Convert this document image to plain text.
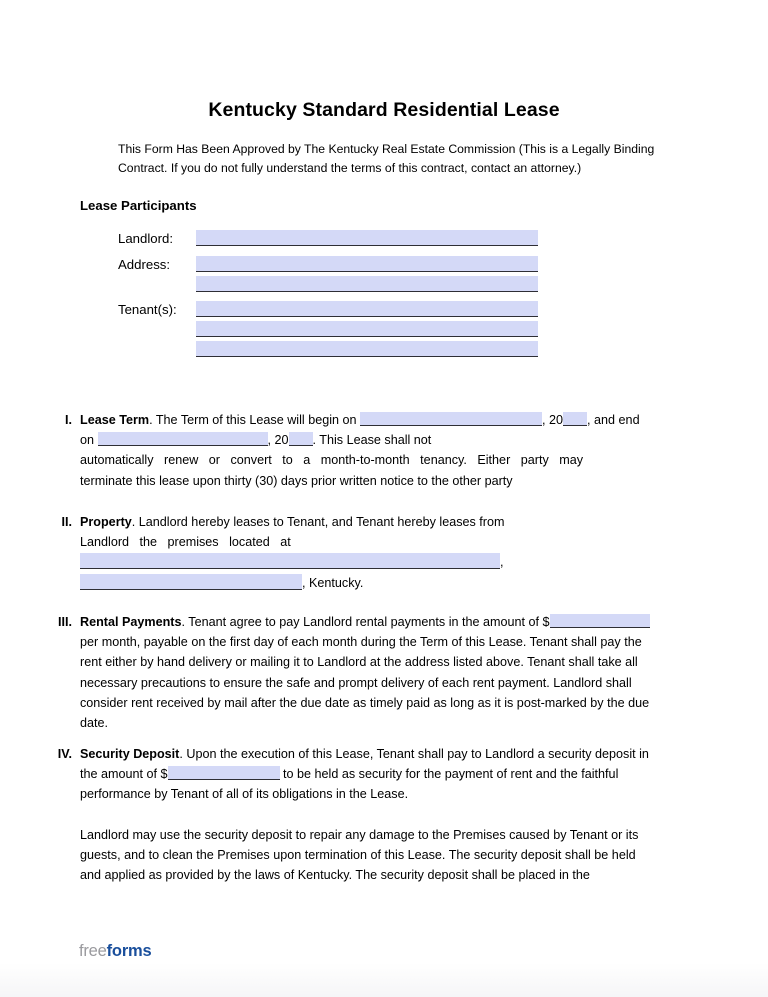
Kentucky Standard Residential Lease
This Form Has Been Approved by The Kentucky Real Estate Commission (This is a Legally Binding Contract. If you do not fully understand the terms of this contract, contact an attorney.)
Lease Participants
Landlord:
Address:
Tenant(s):
I. Lease Term. The Term of this Lease will begin on	, 20 , and end on	, 20 . This Lease shall not
automatically renew or convert to a month-to-month tenancy. Either party may
terminate this lease upon thirty (30) days prior written notice to the other party

II. Property. Landlord hereby leases to Tenant, and Tenant hereby leases from
Landlord the premises located at
,
, Kentucky.

III. Rental Payments. Tenant agree to pay Landlord rental payments in the amount of $ per month, payable on the first day of each month during the Term of this Lease. Tenant shall pay the rent either by hand delivery or mailing it to Landlord at the address listed above. Tenant shall take all necessary precautions to ensure the safe and prompt delivery of each rent payment. Landlord shall consider rent received by mail after the due date as timely paid as long as it is post-marked by the due date.

IV. Security Deposit. Upon the execution of this Lease, Tenant shall pay to Landlord a security deposit in the amount of $	to be held as security for the payment of rent and the faithful performance by Tenant of all of its obligations in the Lease.

Landlord may use the security deposit to repair any damage to the Premises caused by Tenant or its guests, and to clean the Premises upon termination of this Lease. The security deposit shall be held and applied as provided by the laws of Kentucky. The security deposit shall be placed in the

freeforms
